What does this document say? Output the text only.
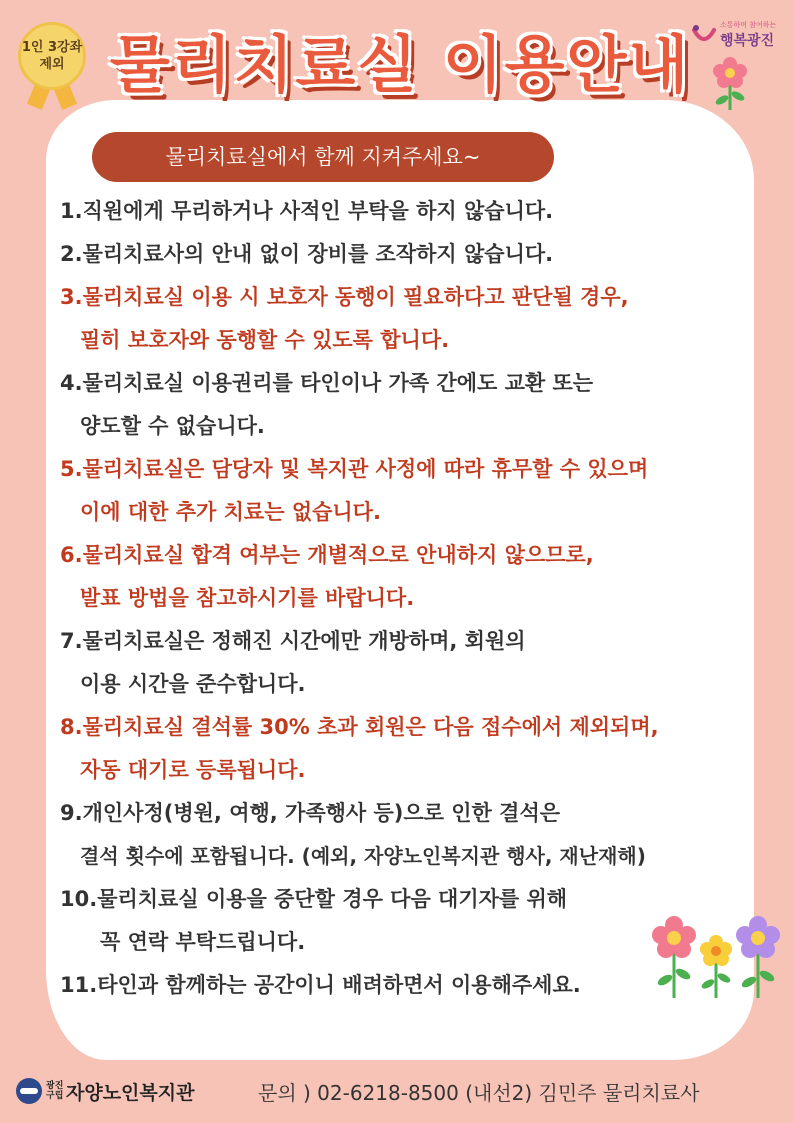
1인 3강좌
제외 물리치료실 이용안내
소통하며 참여하는
행복광진
물리치료실에서 함께 지켜주세요~
1.직원에게 무리하거나 사적인 부탁을 하지 않습니다.
2.물리치료사의 안내 없이 장비를 조작하지 않습니다.
3.물리치료실 이용 시 보호자 동행이 필요하다고 판단될 경우,
필히 보호자와 동행할 수 있도록 합니다.
4.물리치료실 이용권리를 타인이나 가족 간에도 교환 또는
양도할 수 없습니다.
5.물리치료실은 담당자 및 복지관 사정에 따라 휴무할 수 있으며
이에 대한 추가 치료는 없습니다.
6.물리치료실 합격 여부는 개별적으로 안내하지 않으므로,
발표 방법을 참고하시기를 바랍니다.
7.물리치료실은 정해진 시간에만 개방하며, 회원의
이용 시간을 준수합니다.
8.물리치료실 결석률 30% 초과 회원은 다음 접수에서 제외되며,
자동 대기로 등록됩니다.
9.개인사정(병원, 여행, 가족행사 등)으로 인한 결석은
결석 횟수에 포함됩니다. (예외, 자양노인복지관 행사, 재난재해)
10.물리치료실 이용을 중단할 경우 다음 대기자를 위해
꼭 연락 부탁드립니다.
11.타인과 함께하는 공간이니 배려하면서 이용해주세요.
광진구립 자양노인복지관	문의 ) 02-6218-8500 (내선2) 김민주 물리치료사
